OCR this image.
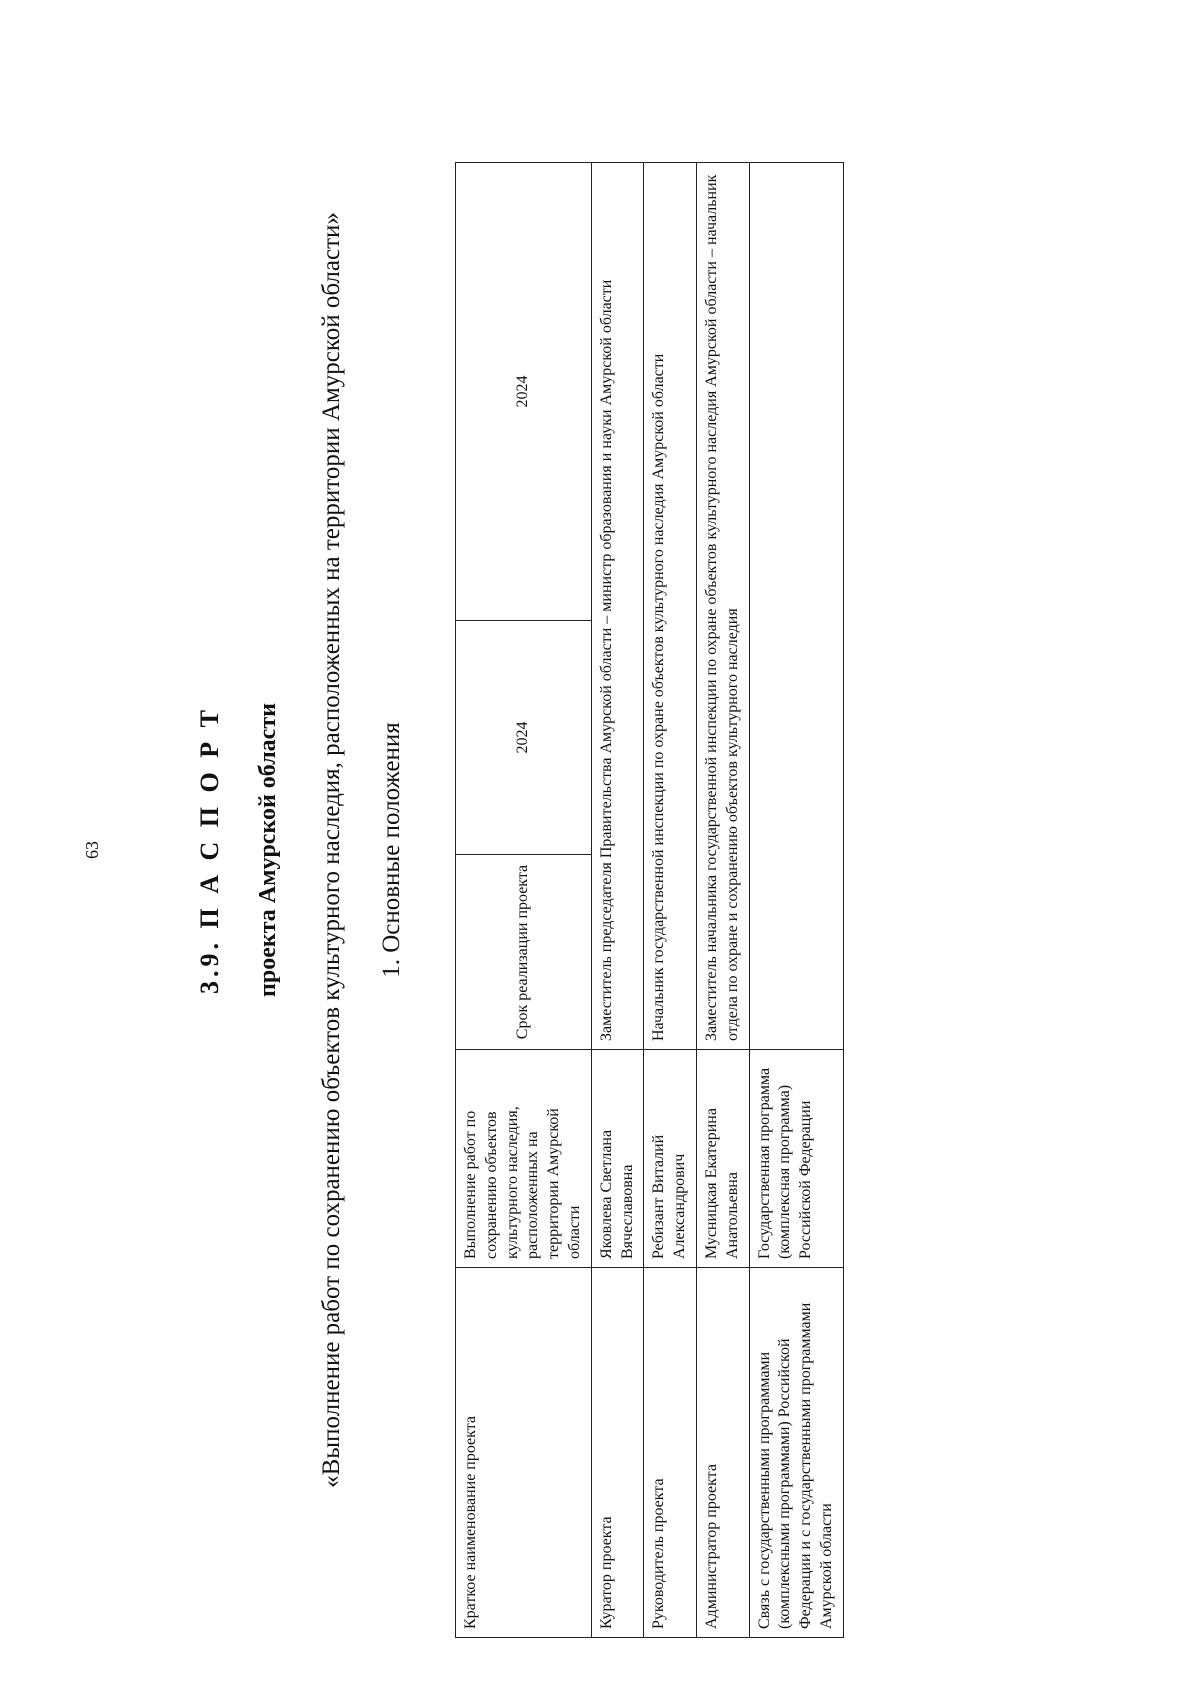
63	3.9. П А С П О Р Т проекта Амурской области «Выполнение работ по сохранению объектов культурного наследия, расположенных на территории Амурской области» 1. Основные положения
Краткое наименование проекта	Выполнение работ по сохранению объектов культурного наследия, расположенных на территории Амурской области	Срок реализации проекта	2024	2024
Куратор проекта	Яковлева Светлана Вячеславовна	Заместитель председателя Правительства Амурской области – министр образования и науки Амурской области		
Руководитель проекта	Ребизант Виталий Александрович	Начальник государственной инспекции по охране объектов культурного наследия Амурской области		
Администратор проекта	Мусницкая Екатерина Анатольевна	Заместитель начальника государственной инспекции по охране объектов культурного наследия Амурской области – начальник отдела по охране и сохранению объектов культурного наследия		
Связь с государственными программами (комплексными программами) Российской Федерации и с государственными программами Амурской области	Государственная программа (комплексная программа) Российской Федерации			
